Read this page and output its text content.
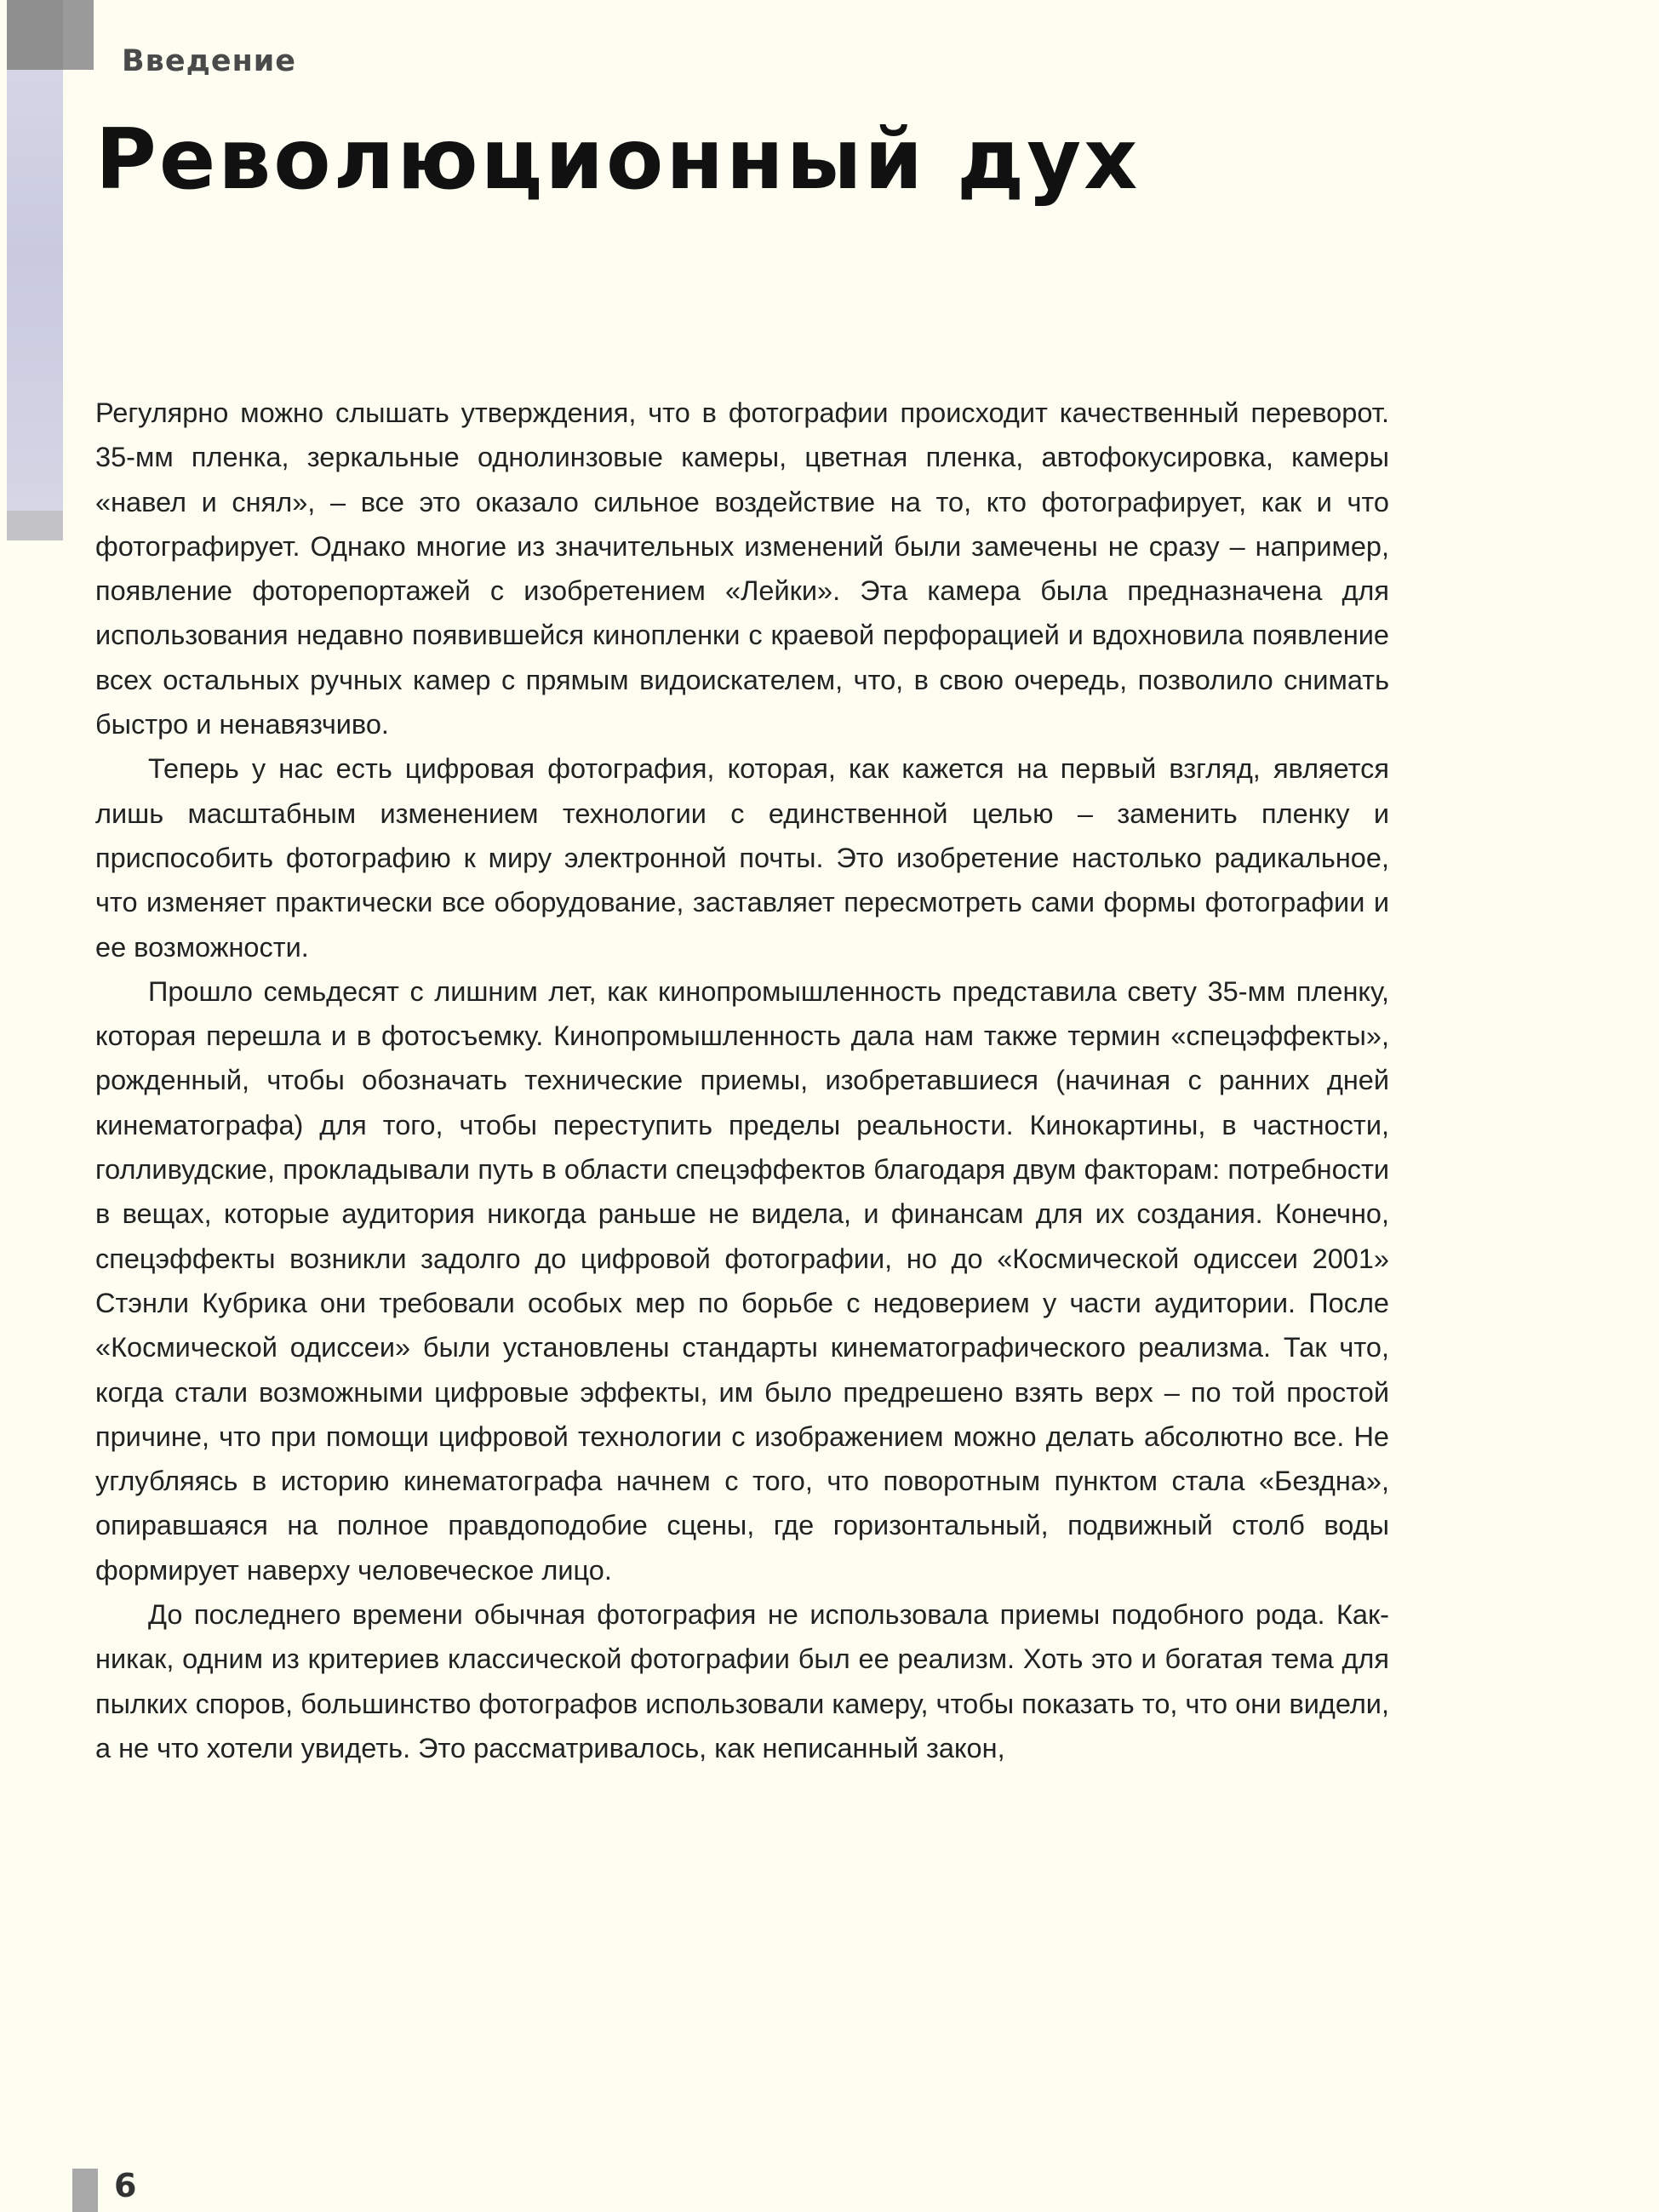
Введение
Революционный дух

Регулярно можно слышать утверждения, что в фотографии происходит качественный переворот. 35-мм пленка, зеркальные однолинзовые камеры, цветная пленка, автофокусировка, камеры «навел и снял», – все это оказало сильное воздействие на то, кто фотографирует, как и что фотографирует. Однако многие из значительных изменений были замечены не сразу – например, появление фоторепортажей с изобретением «Лейки». Эта камера была предназначена для использования недавно появившейся кинопленки с краевой перфорацией и вдохновила появление всех остальных ручных камер с прямым видоискателем, что, в свою очередь, позволило снимать быстро и ненавязчиво.

Теперь у нас есть цифровая фотография, которая, как кажется на первый взгляд, является лишь масштабным изменением технологии с единственной целью – заменить пленку и приспособить фотографию к миру электронной почты. Это изобретение настолько радикальное, что изменяет практически все оборудование, заставляет пересмотреть сами формы фотографии и ее возможности.

Прошло семьдесят с лишним лет, как кинопромышленность представила свету 35-мм пленку, которая перешла и в фотосъемку. Кинопромышленность дала нам также термин «спецэффекты», рожденный, чтобы обозначать технические приемы, изобретавшиеся (начиная с ранних дней кинематографа) для того, чтобы переступить пределы реальности. Кинокартины, в частности, голливудские, прокладывали путь в области спецэффектов благодаря двум факторам: потребности в вещах, которые аудитория никогда раньше не видела, и финансам для их создания. Конечно, спецэффекты возникли задолго до цифровой фотографии, но до «Космической одиссеи 2001» Стэнли Кубрика они требовали особых мер по борьбе с недоверием у части аудитории. После «Космической одиссеи» были установлены стандарты кинематографического реализма. Так что, когда стали возможными цифровые эффекты, им было предрешено взять верх – по той простой причине, что при помощи цифровой технологии с изображением можно делать абсолютно все. Не углубляясь в историю кинематографа начнем с того, что поворотным пунктом стала «Бездна», опиравшаяся на полное правдоподобие сцены, где горизонтальный, подвижный столб воды формирует наверху человеческое лицо.

До последнего времени обычная фотография не использовала приемы подобного рода. Как-никак, одним из критериев классической фотографии был ее реализм. Хоть это и богатая тема для пылких споров, большинство фотографов использовали камеру, чтобы показать то, что они видели, а не что хотели увидеть. Это рассматривалось, как неписанный закон,

6
